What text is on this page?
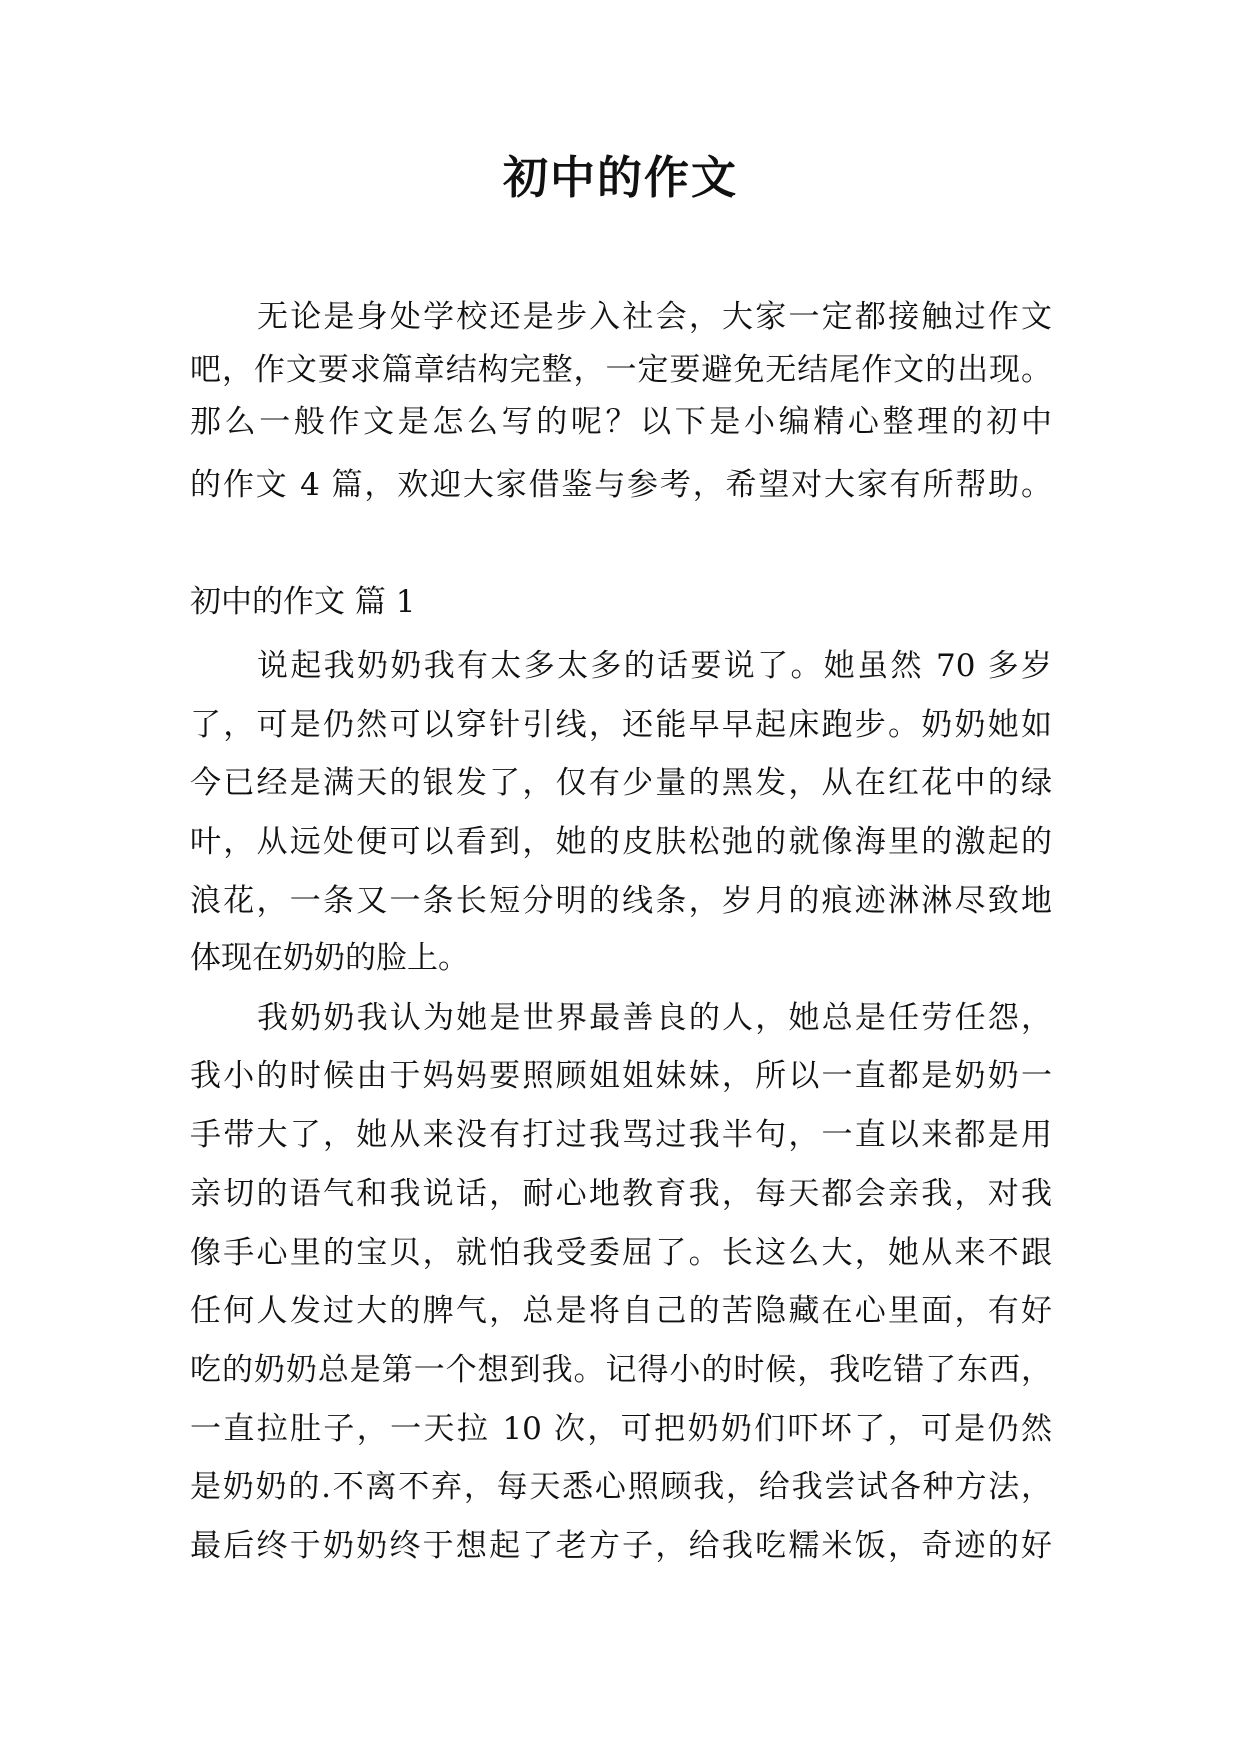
初中的作文
无论是身处学校还是步入社会，大家一定都接触过作文
吧，作文要求篇章结构完整，一定要避免无结尾作文的出现。
那么一般作文是怎么写的呢？以下是小编精心整理的初中
的作文 4 篇，欢迎大家借鉴与参考，希望对大家有所帮助。
初中的作文 篇 1
说起我奶奶我有太多太多的话要说了。她虽然 70 多岁
了，可是仍然可以穿针引线，还能早早起床跑步。奶奶她如
今已经是满天的银发了，仅有少量的黑发，从在红花中的绿
叶，从远处便可以看到，她的皮肤松弛的就像海里的激起的
浪花，一条又一条长短分明的线条，岁月的痕迹淋淋尽致地
体现在奶奶的脸上。
我奶奶我认为她是世界最善良的人，她总是任劳任怨，
我小的时候由于妈妈要照顾姐姐妹妹，所以一直都是奶奶一
手带大了，她从来没有打过我骂过我半句，一直以来都是用
亲切的语气和我说话，耐心地教育我，每天都会亲我，对我
像手心里的宝贝，就怕我受委屈了。长这么大，她从来不跟
任何人发过大的脾气，总是将自己的苦隐藏在心里面，有好
吃的奶奶总是第一个想到我。记得小的时候，我吃错了东西，
一直拉肚子，一天拉 10 次，可把奶奶们吓坏了，可是仍然
是奶奶的.不离不弃，每天悉心照顾我，给我尝试各种方法，
最后终于奶奶终于想起了老方子，给我吃糯米饭，奇迹的好
